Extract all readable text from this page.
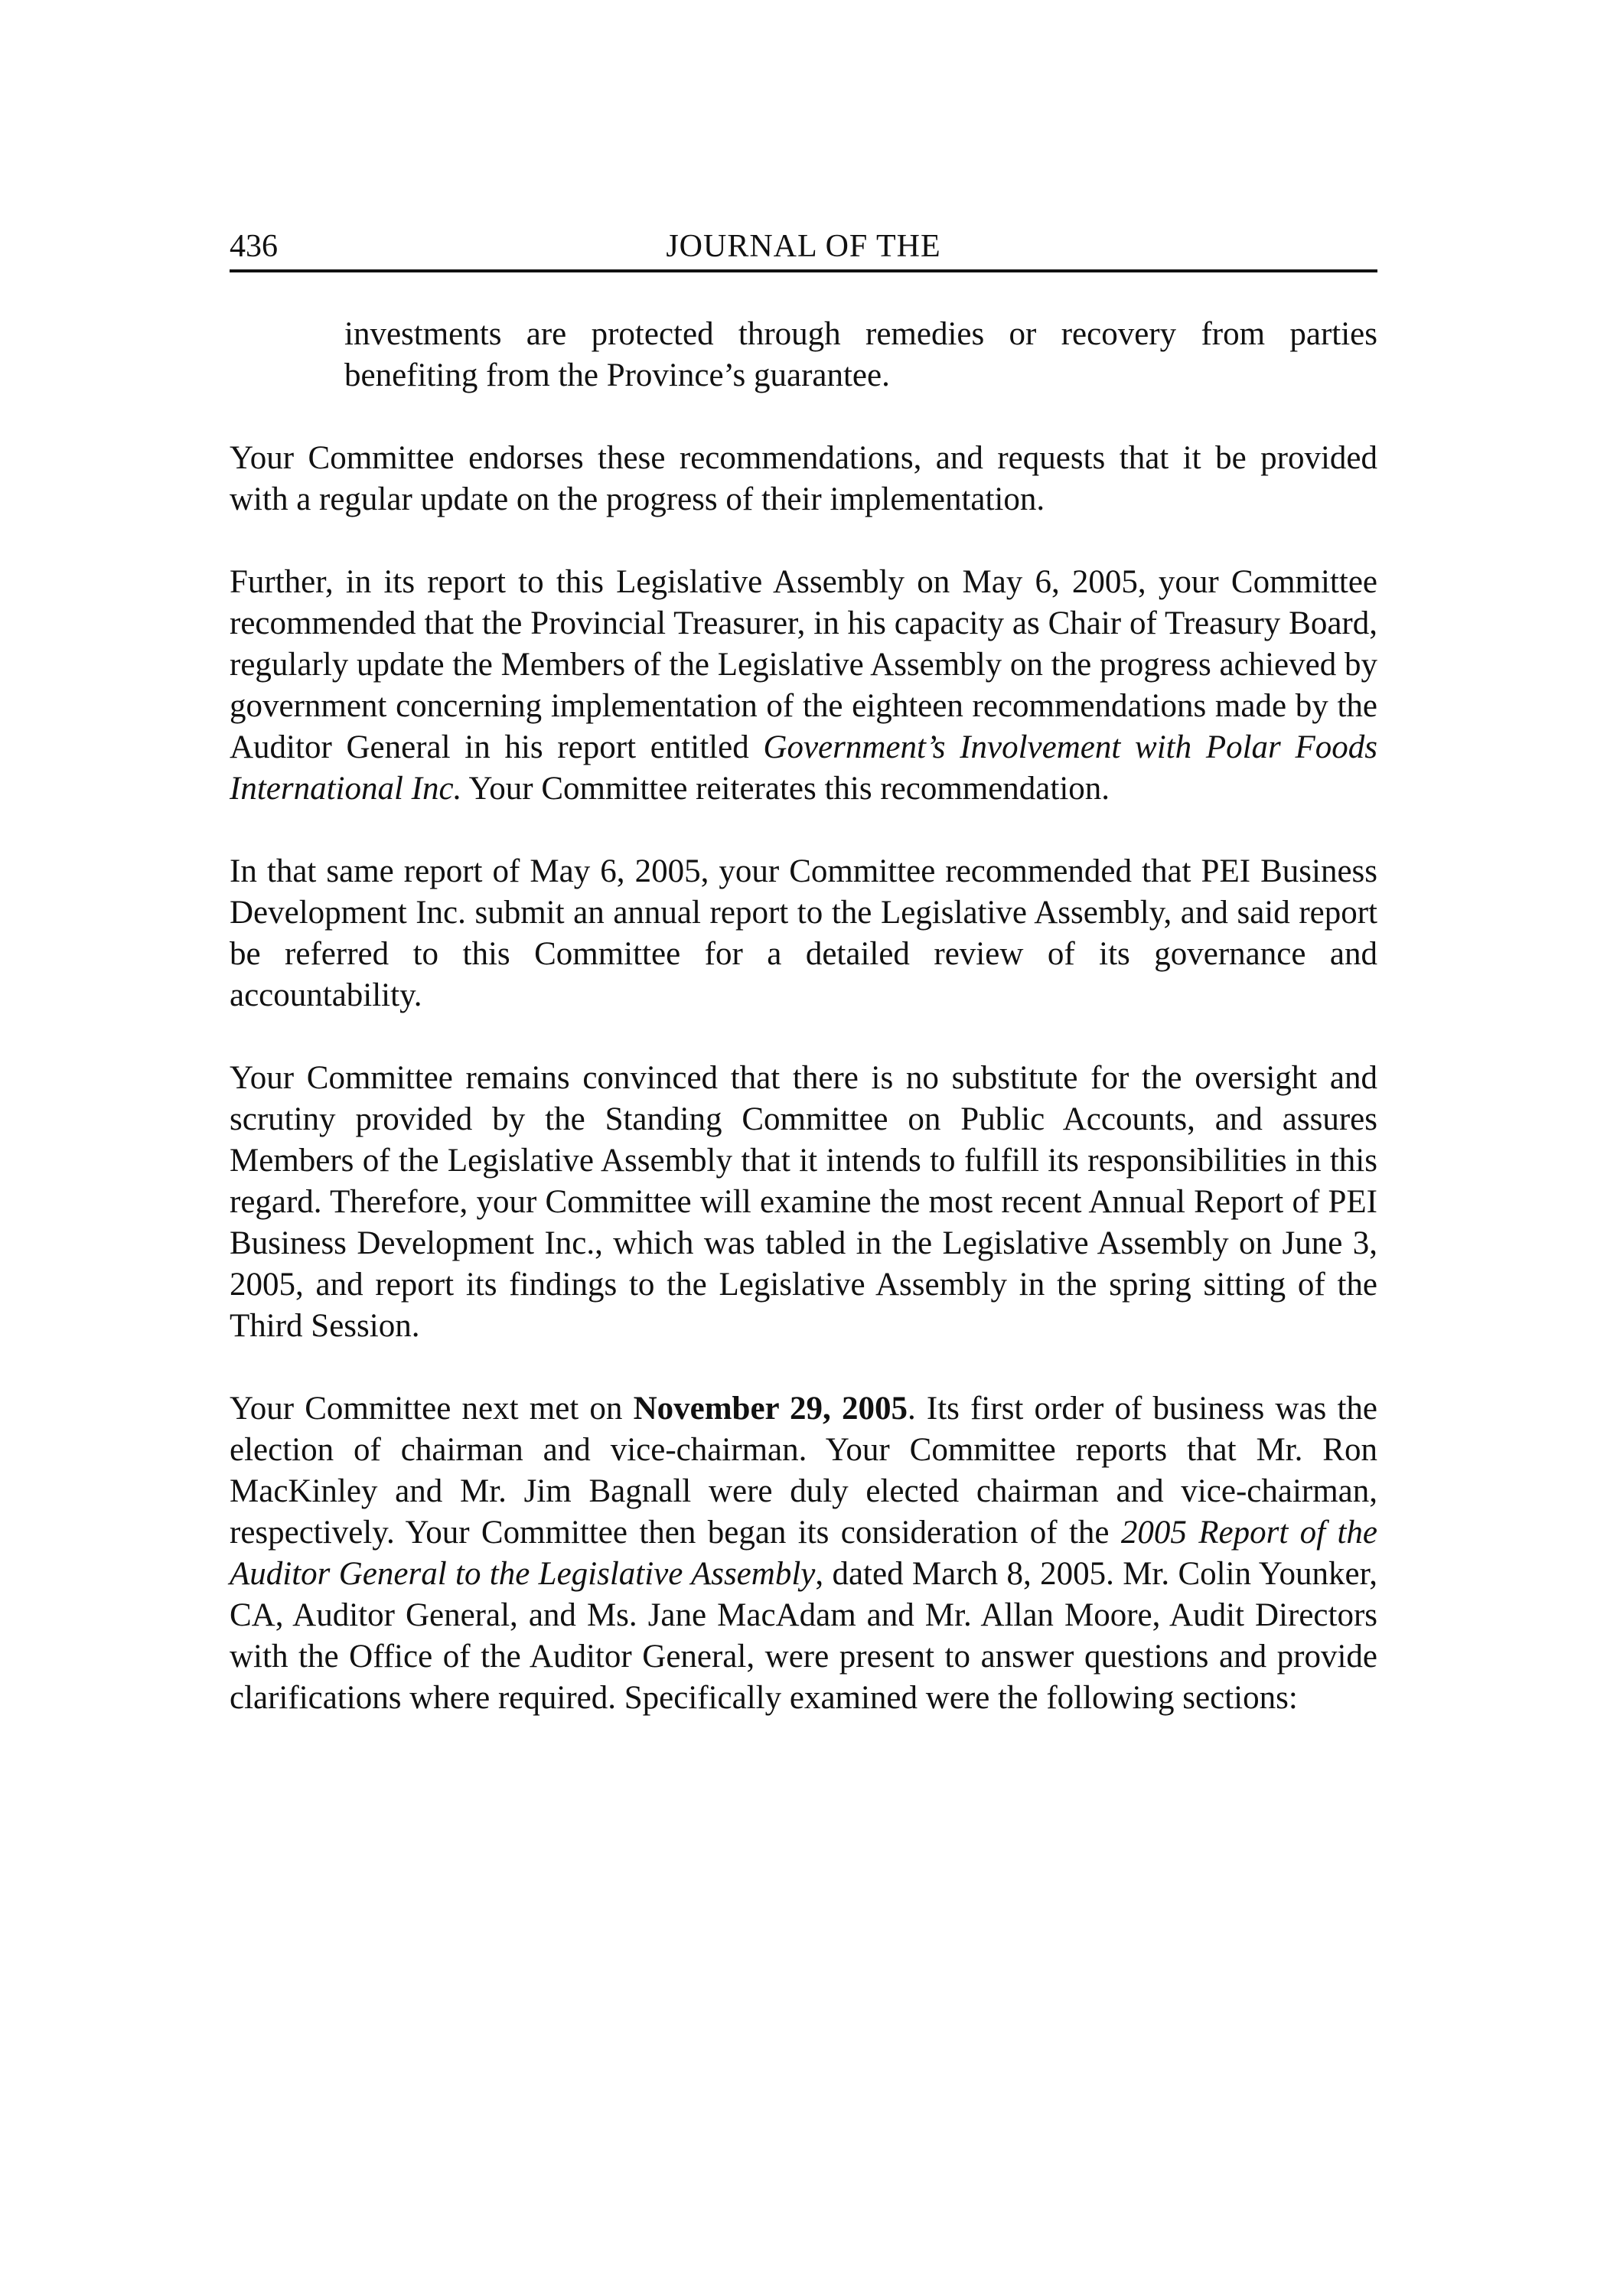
436	JOURNAL OF THE

investments are protected through remedies or recovery from parties benefiting from the Province’s guarantee.

Your Committee endorses these recommendations, and requests that it be provided with a regular update on the progress of their implementation.

Further, in its report to this Legislative Assembly on May 6, 2005, your Committee recommended that the Provincial Treasurer, in his capacity as Chair of Treasury Board, regularly update the Members of the Legislative Assembly on the progress achieved by government concerning implementation of the eighteen recommendations made by the Auditor General in his report entitled Government’s Involvement with Polar Foods International Inc. Your Committee reiterates this recommendation.

In that same report of May 6, 2005, your Committee recommended that PEI Business Development Inc. submit an annual report to the Legislative Assembly, and said report be referred to this Committee for a detailed review of its governance and accountability.

Your Committee remains convinced that there is no substitute for the oversight and scrutiny provided by the Standing Committee on Public Accounts, and assures Members of the Legislative Assembly that it intends to fulfill its responsibilities in this regard. Therefore, your Committee will examine the most recent Annual Report of PEI Business Development Inc., which was tabled in the Legislative Assembly on June 3, 2005, and report its findings to the Legislative Assembly in the spring sitting of the Third Session.

Your Committee next met on November 29, 2005. Its first order of business was the election of chairman and vice-chairman. Your Committee reports that Mr. Ron MacKinley and Mr. Jim Bagnall were duly elected chairman and vice-chairman, respectively. Your Committee then began its consideration of the 2005 Report of the Auditor General to the Legislative Assembly, dated March 8, 2005. Mr. Colin Younker, CA, Auditor General, and Ms. Jane MacAdam and Mr. Allan Moore, Audit Directors with the Office of the Auditor General, were present to answer questions and provide clarifications where required. Specifically examined were the following sections:
